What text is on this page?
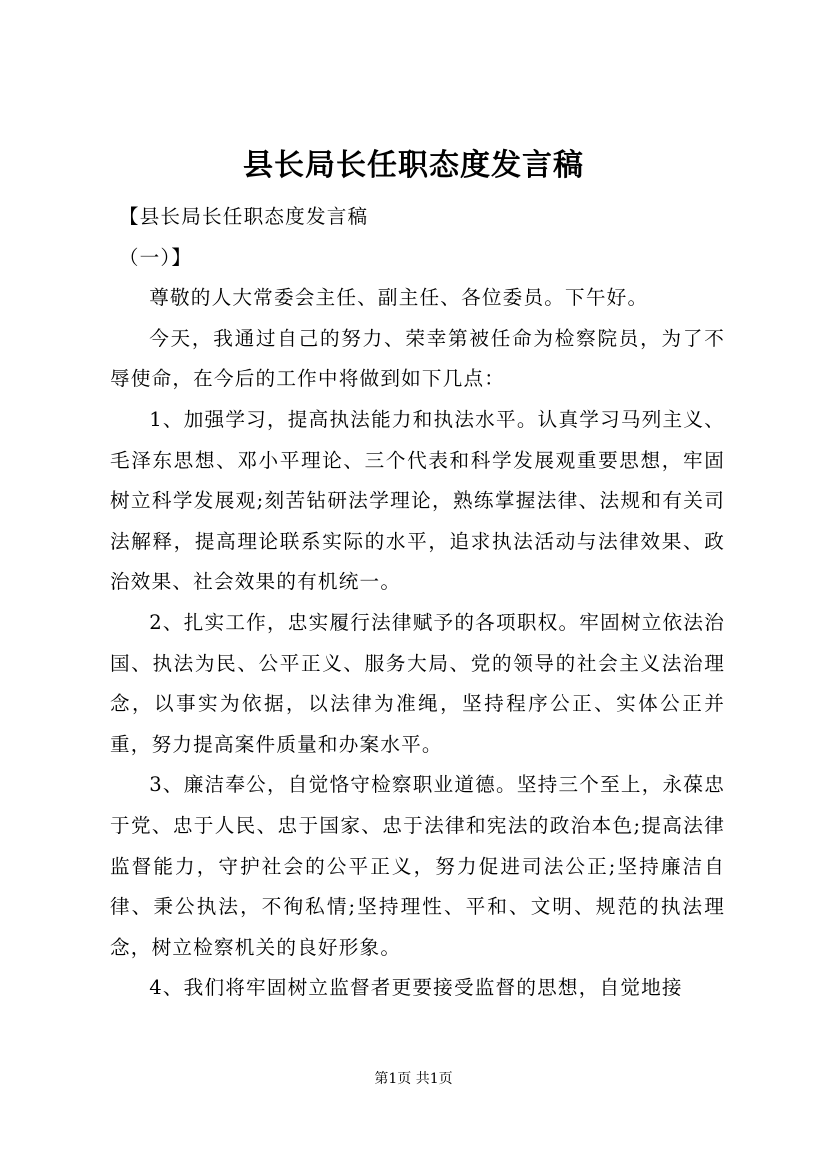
县长局长任职态度发言稿

【县长局长任职态度发言稿

（一）】

尊敬的人大常委会主任、副主任、各位委员。下午好。

今天，我通过自己的努力、荣幸第被任命为检察院员，为了不辱使命，在今后的工作中将做到如下几点：

1、加强学习，提高执法能力和执法水平。认真学习马列主义、毛泽东思想、邓小平理论、三个代表和科学发展观重要思想，牢固树立科学发展观;刻苦钻研法学理论，熟练掌握法律、法规和有关司法解释，提高理论联系实际的水平，追求执法活动与法律效果、政治效果、社会效果的有机统一。

2、扎实工作，忠实履行法律赋予的各项职权。牢固树立依法治国、执法为民、公平正义、服务大局、党的领导的社会主义法治理念，以事实为依据，以法律为准绳，坚持程序公正、实体公正并重，努力提高案件质量和办案水平。

3、廉洁奉公，自觉恪守检察职业道德。坚持三个至上，永葆忠于党、忠于人民、忠于国家、忠于法律和宪法的政治本色;提高法律监督能力，守护社会的公平正义，努力促进司法公正;坚持廉洁自律、秉公执法，不徇私情;坚持理性、平和、文明、规范的执法理念，树立检察机关的良好形象。

4、我们将牢固树立监督者更要接受监督的思想，自觉地接

第1页 共1页
